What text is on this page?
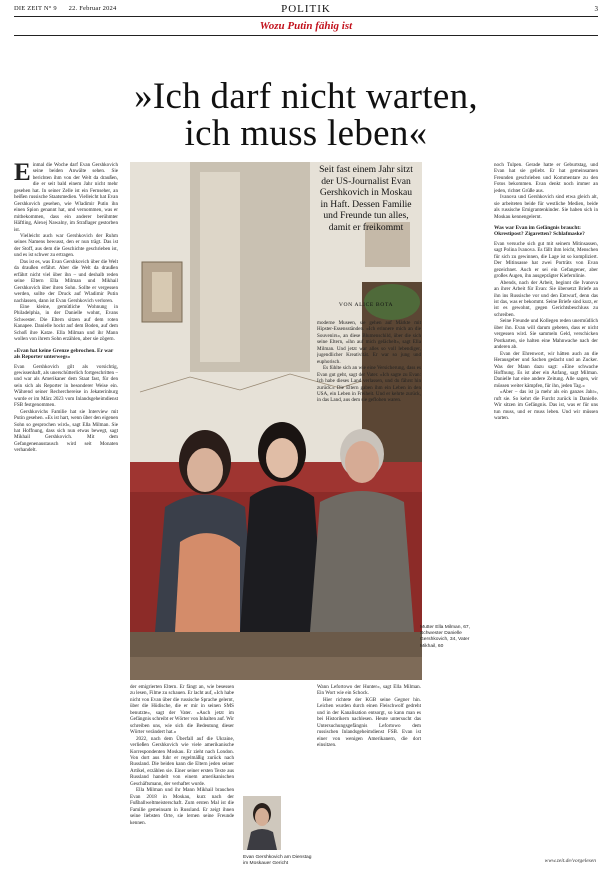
DIE ZEIT N° 9 22. Februar 2024	POLITIK	3
Wozu Putin fähig ist
»Ich darf nicht warten,
ich muss leben«

Einmal die Woche darf Evan Gershkovich seine beiden Anwälte sehen. Sie berichten ihm von der Welt da draußen, die er seit bald einem Jahr nicht mehr gesehen hat. In seiner Zelle ist ein Fernseher, an heißen russische Staatsmedien. Vielleicht hat Evan Gershkovich gesehen, wie Wladimir Putin ihn einen Spion genannt hat, und vernommen, was er mitbekommen, dass ein anderer berühmter Häftling, Alexej Nawalny, im Straflager gestorben ist.

Vielleicht auch war Gershkovich der Ruhm seines Namens bewusst, den er nun trägt. Das ist der Stoff, aus dem die Geschichte geschrieben ist, und es ist schwer zu ertragen.

Das ist es, was Evan Gershkovich über die Welt da draußen erfährt. Aber die Welt da draußen erfährt nicht viel über ihn – und deshalb reden seine Eltern Ella Milman und Mikhail Gershkovich über ihren Sohn. Sollte er vergessen werden, sollte der Druck auf Wladimir Putin nachlassen, dann ist Evan Gershkovich verloren.

Eine kleine, gemütliche Wohnung in Philadelphia, in der Danielle wohnt, Evans Schwester. Die Eltern sitzen auf dem roten Kanapee. Danielle hockt auf dem Boden, auf dem Schoß ihre Katze. Ella Milman und ihr Mann wollen von ihrem Sohn erzählen, aber sie zögern.

»Evan hat keine Grenze gebrochen. Er war als Reporter unterwegs«

Evan Gershkovich gilt als vorsichtig, gewissenhaft, als unerschütterlich fortgeschritten – und war als Amerikaner dem Staat fast, für den sein sich als Reporter in besonderer Weise ein. Während seiner Recherchereise in Jekaterinburg wurde er im März 2023 vom Inlandsgeheimdienst FSB festgenommen.

Gershkovichs Familie hat sie Interview mit Putin gesehen. »Es ist hart, wenn über den eigenen Sohn so gesprochen wird«, sagt Ella Milman. Sie hat Hoffnung, dass sich nun etwas bewegt, sagt Mikhail Gershkovich. Mit dem Gefangenenaustausch wird seit Monaten verhandelt.

Seit fast einem Jahr sitzt der US-Journalist Evan Gershkovich in Moskau in Haft. Dessen Familie und Freunde tun alles, damit er freikommt
VON ALICE BOTA

der emigrierten Eltern. Er fängt an, wie besessen zu lesen, Filme zu schauen. Er lacht auf, »Ich habe nicht von Evan über die russische Sprache gelernt, über die Hüdische, die er mir in seinen SMS benutzte«, sagt der Vater. »Auch jetzt im Gefängnis schreibt er Wörter von Inhalten auf. Wir schreiben uns, wie sich die Bedeutung dieser Wörter verändert hat.«

2022, nach dem Überfall auf die Ukraine, verließen Gershkovich wie viele amerikanische Korrespondenten Moskau. Er zieht nach London. Von dort aus fuhr er regelmäßig zurück nach Russland. Die beiden kann die Eltern jeden seiner Artikel, erzählen sie. Einer seiner ersten Texte aus Russland handelt von einem amerikanischen Geschäftsmann, der verhaftet wurde.

Ella Milman und ihr Mann Mikhail brauchen Evan 2018 in Moskau, kurz nach der Fußballweltmeisterschaft. Zum ersten Mal ist die Familie gemeinsam in Russland. Er zeigt ihnen seine liebsten Orte, sie lernen seine Freunde kennen.

Evan Gershkovich am Dienstag im Moskauer Gericht

moderne Museen, sie gehen auf Märkte mit Hipster-Essensständen. »Ich erinnere mich an die Souvenirs«, an diese Blumenschild, über die sich seine Eltern, »ihn auf mich gelächelt«, sagt Ella Milman. Und jetzt war alles so voll lebendiger, jugendlicher Kreativität. Er war so jung und euphorisch.

Es fühlte sich an wie eine Versicherung, dass es Evan gut geht, sagt der Vater. »Ich sagte zu Evan: Ich habe dieses Land verlassen, und du fährst hin zurück.« Die Eltern gaben ihm ein Leben in den USA, ein Leben in Freiheit. Und er kehrte zurück, in das Land, aus dem sie geflohen waren.

Wann Lefortowo der Hunter«, sagt Ella Milman. Ein Wort wie ein Schock.

Hier richtete der KGB seine Gegner hin. Leichen wurden durch einen Fleischwolf gedreht und in der Kanalisation entsorgt, so kann man es bei Historikern nachlesen. Heute untersucht das Untersuchungsgefängnis Lefortowo dem russischen Inlandsgeheimdienst FSB. Evan ist einer von wenigen Amerikanern, die dort einsitzen.

Mutter Ella Milman, 67, Schwester Danielle Gershkovich, 34, Vater Mikhail, 60

noch Tulpen. Gerade hatte er Geburtstag, und Evan hat sie geliebt. Er hat gemeinsamen Freunden geschrieben und Kommentare zu den Fotos bekommen. Evan denkt noch immer an jeden, richtet Grüße aus.

Ivanova und Gershkovich sind etwa gleich alt, sie arbeiteten beide für westliche Medien, beide als russische Emigrantenkinder. Sie haben sich in Moskau kennengelernt.

Was war Evan im Gefängnis braucht: Okrestipost? Zigaretten? Schlafmaske?

Evan versuche sich gut mit seinem Mitinsassen, sagt Polina Ivanova. Es fällt ihm leicht, Menschen für sich zu gewinnen, die Lage ist so kompliziert. Der Mitinsasse hat zwei Porträts von Evan gezeichnet. Auch er sei ein Gefangener, aber großes Augen, ihn ausgeprägter Kiefernlinie.

Abends, nach der Arbeit, beginnt die Ivanova an ihrer Arbeit für Evan: Sie übersetzt Briefe an ihn ins Russische vor und den Entwurf, denn das ist das, was er bekommt. Seine Briefe sind kurz, er ist es gewohnt, gegen Gerichtsbeschluss zu schreiben.

Seine Freunde und Kollegen reden unermüdlich über ihn. Evan will darum gebeten, dass er nicht vergessen wird. Sie sammeln Geld, verschicken Postkarten, sie halten eine Mahnwache nach der anderen ab.

Evan der Ehrenwort, wir hätten auch an die Herausgeber und Sachen gedacht und an Zucker. Was der Mann dazu sagt: »Eine schwache Hoffnung. Es ist aber ein Anfang, sagt Milman. Danielle hat eine andere Zeitung. Alle sagen, wir müssen weiter kämpfen, für ihn, jeden Tag.«

»Aber – das ist ja mehr als ein ganzes Jahr«, ruft sie. So kehrt die Furcht zurück in Danielle. Wir sitzen im Gefängnis. Das ist, was er für uns tun muss, und er muss leben. Und wir müssen warten.

www.zeit.de/vorgelesen
